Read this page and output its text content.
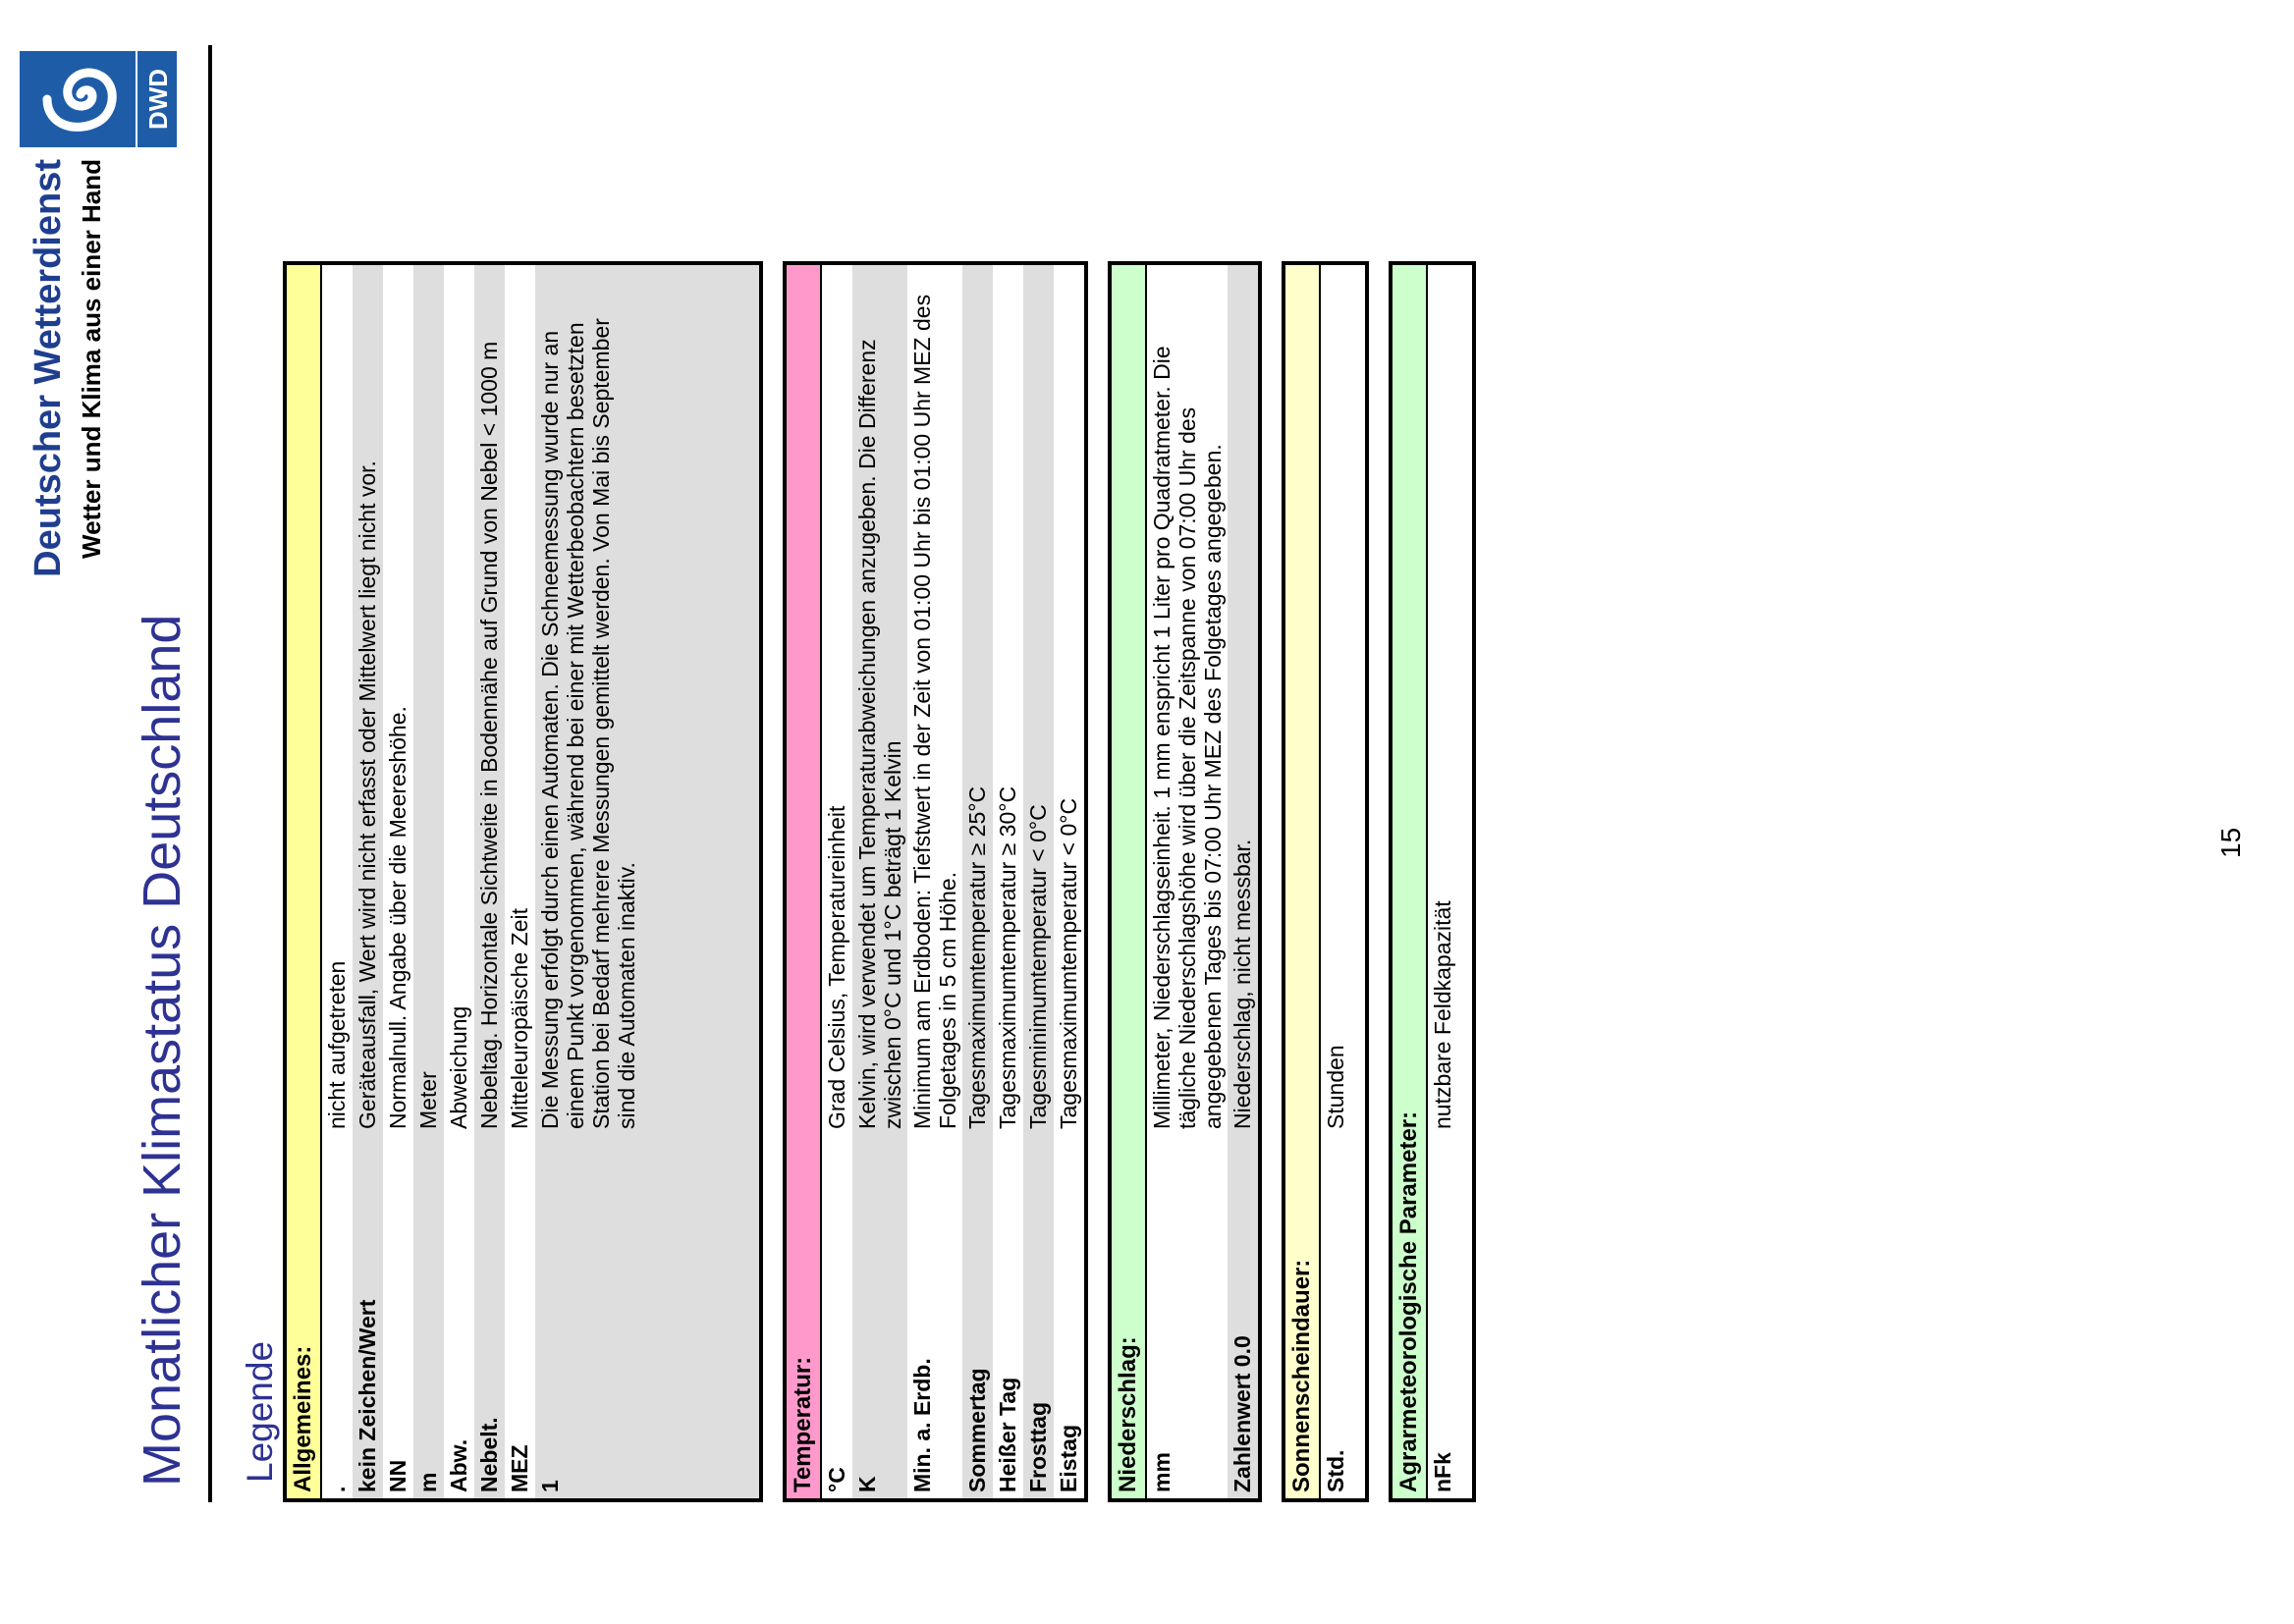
DWD
Deutscher Wetterdienst Wetter und Klima aus einer Hand
Monatlicher Klimastatus Deutschland Legende Allgemeines: .
nicht aufgetreten
kein Zeichen/Wert
Geräteausfall, Wert wird nicht erfasst oder Mittelwert liegt nicht vor.
NN
Normalnull. Angabe über die Meereshöhe.
m
Meter
Abw.
Abweichung
Nebelt.
Nebeltag. Horizontale Sichtweite in Bodennähe auf Grund von Nebel < 1000 m
MEZ
Mitteleuropäische Zeit
1
Die Messung erfolgt durch einen Automaten. Die Schneemessung wurde nur an einem Punkt vorgenommen, während bei einer mit Wetterbeobachtern besetzten Station bei Bedarf mehrere Messungen gemittelt werden. Von Mai bis September sind die Automaten inaktiv.
Temperatur: °C
Grad Celsius, Temperatureinheit
K
Kelvin, wird verwendet um Temperaturabweichungen anzugeben. Die Differenz zwischen 0°C und 1°C beträgt 1 Kelvin
Min. a. Erdb.
Minimum am Erdboden: Tiefstwert in der Zeit von 01:00 Uhr bis 01:00 Uhr MEZ des Folgetages in 5 cm Höhe.
Sommertag
Tagesmaximumtemperatur ≥ 25°C
Heißer Tag
Tagesmaximumtemperatur ≥ 30°C
Frosttag
Tagesminimumtemperatur < 0°C
Eistag
Tagesmaximumtemperatur < 0°C
Niederschlag: mm
Millimeter, Niederschlagseinheit. 1 mm enspricht 1 Liter pro Quadratmeter. Die tägliche Niederschlagshöhe wird über die Zeitspanne von 07:00 Uhr des angegebenen Tages bis 07:00 Uhr MEZ des Folgetages angegeben.
Zahlenwert 0.0
Niederschlag, nicht messbar.
Sonnenscheindauer: Std.
Stunden
Agrarmeteorologische Parameter: nFk
nutzbare Feldkapazität
15
